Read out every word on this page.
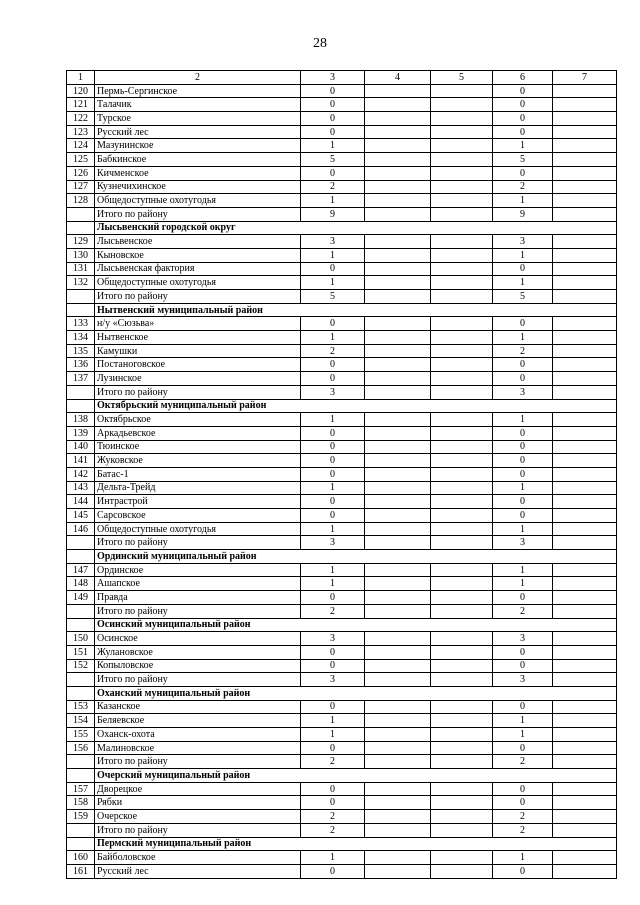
28
1	2	3	4	5	6	7
120	Пермь-Сергинское	0			0	
121	Талачик	0			0	
122	Турское	0			0	
123	Русский лес	0			0	
124	Мазунинское	1			1	
125	Бабкинское	5			5	
126	Кичменское	0			0	
127	Кузнечихинское	2			2	
128	Общедоступные охотугодья	1			1	
	Итого по району	9			9	
	Лысьвенский городской округ					
129	Лысьвенское	3			3	
130	Кыновское	1			1	
131	Лысьвенская фактория	0			0	
132	Общедоступные охотугодья	1			1	
	Итого по району	5			5	
	Нытвенский муниципальный район					
133	н/у «Сюзьва»	0			0	
134	Нытвенское	1			1	
135	Камушки	2			2	
136	Постаноговское	0			0	
137	Лузинское	0			0	
	Итого по району	3			3	
	Октябрьский муниципальный район					
138	Октябрьское	1			1	
139	Аркадьевское	0			0	
140	Тюинское	0			0	
141	Жуковское	0			0	
142	Батас-1	0			0	
143	Дельта-Трейд	1			1	
144	Интрастрой	0			0	
145	Сарсовское	0			0	
146	Общедоступные охотугодья	1			1	
	Итого по району	3			3	
	Ординский муниципальный район					
147	Ординское	1			1	
148	Ашапское	1			1	
149	Правда	0			0	
	Итого по району	2			2	
	Осинский муниципальный район					
150	Осинское	3			3	
151	Жулановское	0			0	
152	Копыловское	0			0	
	Итого по району	3			3	
	Оханский муниципальный район					
153	Казанское	0			0	
154	Беляевское	1			1	
155	Оханск-охота	1			1	
156	Малиновское	0			0	
	Итого по району	2			2	
	Очерский муниципальный район					
157	Дворецкое	0			0	
158	Рябки	0			0	
159	Очерское	2			2	
	Итого по району	2			2	
	Пермский муниципальный район					
160	Байболовское	1			1	
161	Русский лес	0			0	
